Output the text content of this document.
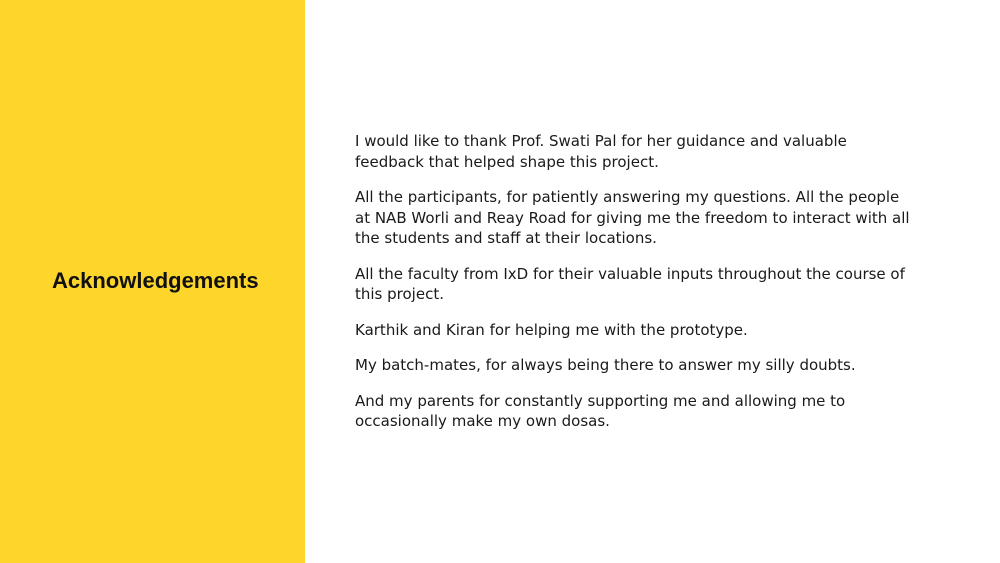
Acknowledgements

I would like to thank Prof. Swati Pal for her guidance and valuable feedback that helped shape this project.

All the participants, for patiently answering my questions. All the people at NAB Worli and Reay Road for giving me the freedom to interact with all the students and staff at their locations.

All the faculty from IxD for their valuable inputs throughout the course of this project.

Karthik and Kiran for helping me with the prototype.

My batch-mates, for always being there to answer my silly doubts.

And my parents for constantly supporting me and allowing me to occasionally make my own dosas.
